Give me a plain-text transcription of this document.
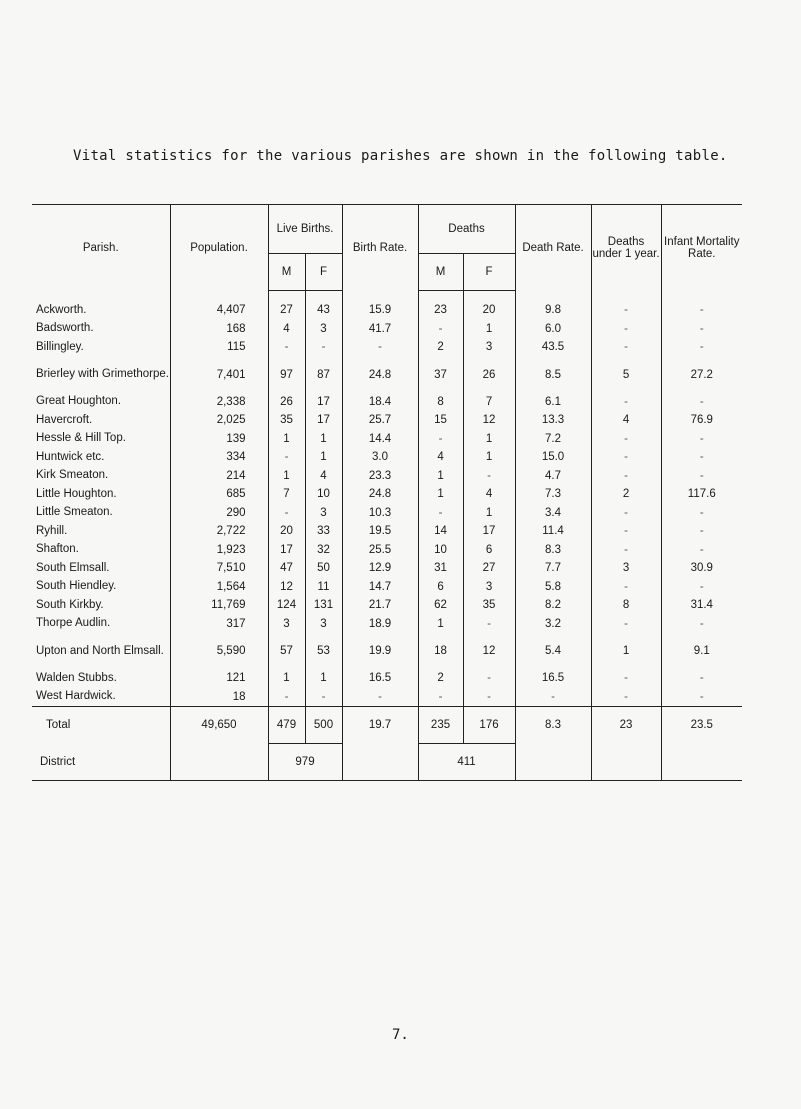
Vital statistics for the various parishes are shown in the following table.
Parish.	Population.	Live Births.		Birth Rate.	Deaths		Death Rate.	Deaths under 1 year.	Infant Mortality Rate.
		M	F		M	F			
Ackworth.	4,407	27	43	15.9	23	20	9.8	-	-
Badsworth.	168	4	3	41.7	-	1	6.0	-	-
Billingley.	115	-	-	-	2	3	43.5	-	-
Brierley with Grimethorpe.	7,401	97	87	24.8	37	26	8.5	5	27.2
Great Houghton.	2,338	26	17	18.4	8	7	6.1	-	-
Havercroft.	2,025	35	17	25.7	15	12	13.3	4	76.9
Hessle & Hill Top.	139	1	1	14.4	-	1	7.2	-	-
Huntwick etc.	334	-	1	3.0	4	1	15.0	-	-
Kirk Smeaton.	214	1	4	23.3	1	-	4.7	-	-
Little Houghton.	685	7	10	24.8	1	4	7.3	2	117.6
Little Smeaton.	290	-	3	10.3	-	1	3.4	-	-
Ryhill.	2,722	20	33	19.5	14	17	11.4	-	-
Shafton.	1,923	17	32	25.5	10	6	8.3	-	-
South Elmsall.	7,510	47	50	12.9	31	27	7.7	3	30.9
South Hiendley.	1,564	12	11	14.7	6	3	5.8	-	-
South Kirkby.	11,769	124	131	21.7	62	35	8.2	8	31.4
Thorpe Audlin.	317	3	3	18.9	1	-	3.2	-	-
Upton and North Elmsall.	5,590	57	53	19.9	18	12	5.4	1	9.1
Walden Stubbs.	121	1	1	16.5	2	-	16.5	-	-
West Hardwick.	18	-	-	-	-	-	-	-	-
Total	49,650	479	500	19.7	235	176	8.3	23	23.5
District		979			411				
7.
